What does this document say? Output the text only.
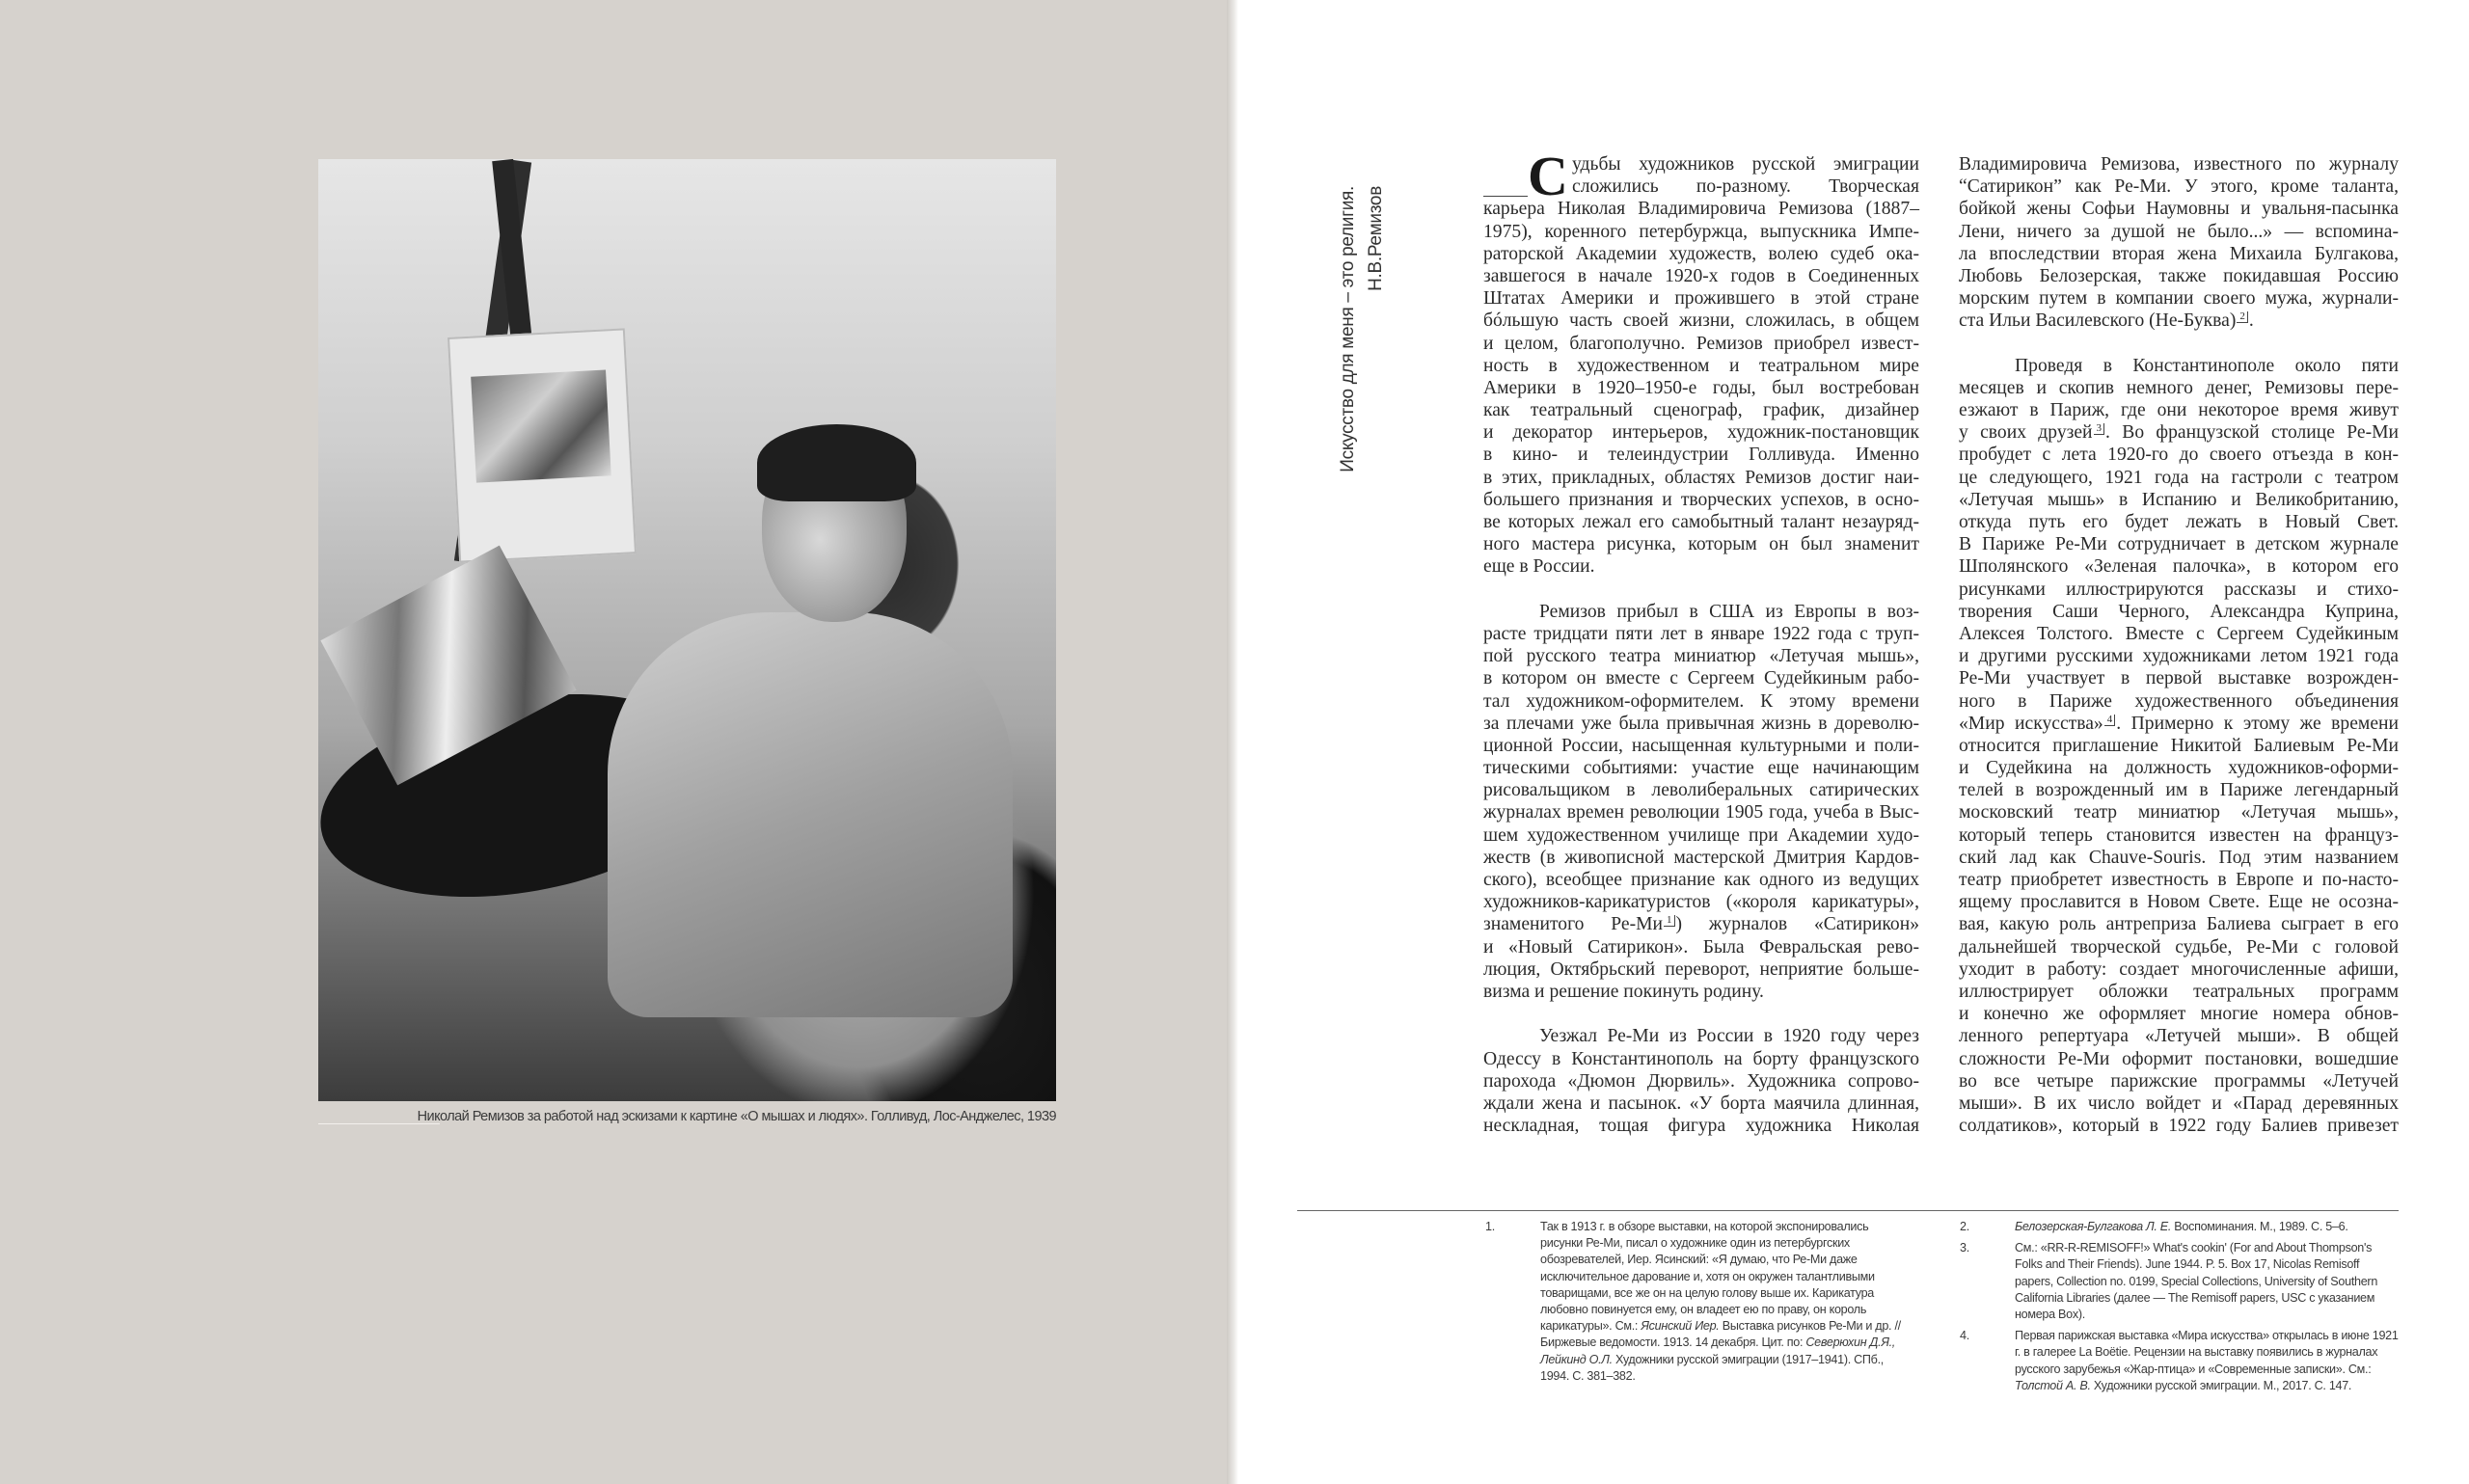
Николай Ремизов за работой над эскизами к картине «О мышах и людях». Голливуд, Лос-Анджелес, 1939
Искусство для меня – это религия. Н.В.Ремизов
С удьбы художников русской эмиграции
сложились по-разному. Творческая
карьера Николая Владимировича Ремизова (1887–
1975), коренного петербуржца, выпускника Импе-
раторской Академии художеств, волею судеб ока-
завшегося в начале 1920-х годов в Соединенных
Штатах Америки и прожившего в этой стране
бóльшую часть своей жизни, сложилась, в общем
и целом, благополучно. Ремизов приобрел извест-
ность в художественном и театральном мире
Америки в 1920–1950-е годы, был востребован
как театральный сценограф, график, дизайнер
и декоратор интерьеров, художник-постановщик
в кино- и телеиндустрии Голливуда. Именно
в этих, прикладных, областях Ремизов достиг наи-
большего признания и творческих успехов, в осно-
ве которых лежал его самобытный талант незауряд-
ного мастера рисунка, которым он был знаменит
еще в России.
Ремизов прибыл в США из Европы в воз-
расте тридцати пяти лет в январе 1922 года с труп-
пой русского театра миниатюр «Летучая мышь»,
в котором он вместе с Сергеем Судейкиным рабо-
тал художником-оформителем. К этому времени
за плечами уже была привычная жизнь в дореволю-
ционной России, насыщенная культурными и поли-
тическими событиями: участие еще начинающим
рисовальщиком в леволиберальных сатирических
журналах времен революции 1905 года, учеба в Выс-
шем художественном училище при Академии худо-
жеств (в живописной мастерской Дмитрия Кардов-
ского), всеобщее признание как одного из ведущих
художников-карикатуристов («короля карикатуры»,
знаменитого Ре-Ми 1 ) журналов «Сатирикон»
и «Новый Сатирикон». Была Февральская рево-
люция, Октябрьский переворот, неприятие больше-
визма и решение покинуть родину.
Уезжал Ре-Ми из России в 1920 году через
Одессу в Константинополь на борту французского
парохода «Дюмон Дюрвиль». Художника сопрово-
ждали жена и пасынок. «У борта маячила длинная,
нескладная, тощая фигура художника Николая
Владимировича Ремизова, известного по журналу
“Сатирикон” как Ре-Ми. У этого, кроме таланта,
бойкой жены Софьи Наумовны и увальня-пасынка
Лени, ничего за душой не было...» — вспомина-
ла впоследствии вторая жена Михаила Булгакова,
Любовь Белозерская, также покидавшая Россию
морским путем в компании своего мужа, журнали-
ста Ильи Василевского (Не-Буква) 2 .
Проведя в Константинополе около пяти
месяцев и скопив немного денег, Ремизовы пере-
езжают в Париж, где они некоторое время живут
у своих друзей 3 . Во французской столице Ре-Ми
пробудет с лета 1920-го до своего отъезда в кон-
це следующего, 1921 года на гастроли с театром
«Летучая мышь» в Испанию и Великобританию,
откуда путь его будет лежать в Новый Свет.
В Париже Ре-Ми сотрудничает в детском журнале
Шполянского «Зеленая палочка», в котором его
рисунками иллюстрируются рассказы и стихо-
творения Саши Черного, Александра Куприна,
Алексея Толстого. Вместе с Сергеем Судейкиным
и другими русскими художниками летом 1921 года
Ре-Ми участвует в первой выставке возрожден-
ного в Париже художественного объединения
«Мир искусства» 4 . Примерно к этому же времени
относится приглашение Никитой Балиевым Ре-Ми
и Судейкина на должность художников-оформи-
телей в возрожденный им в Париже легендарный
московский театр миниатюр «Летучая мышь»,
который теперь становится известен на француз-
ский лад как Chauve-Souris. Под этим названием
театр приобретет известность в Европе и по-насто-
ящему прославится в Новом Свете. Еще не осозна-
вая, какую роль антреприза Балиева сыграет в его
дальнейшей творческой судьбе, Ре-Ми с головой
уходит в работу: создает многочисленные афиши,
иллюстрирует обложки театральных программ
и конечно же оформляет многие номера обнов-
ленного репертуара «Летучей мыши». В общей
сложности Ре-Ми оформит постановки, вошедшие
во все четыре парижские программы «Летучей
мыши». В их число войдет и «Парад деревянных
солдатиков», который в 1922 году Балиев привезет
1.	Так в 1913 г. в обзоре выставки, на которой экспонировались рисунки Ре-Ми, писал о художнике один из петербургских обозревателей, Иер. Ясинский: «Я думаю, что Ре-Ми даже исключительное дарование и, хотя он окружен талантливыми товарищами, все же он на целую голову выше их. Карикатура любовно повинуется ему, он владеет ею по праву, он король карикатуры». См.: Ясинский Иер. Выставка рисунков Ре-Ми и др. // Биржевые ведомости. 1913. 14 декабря. Цит. по: Северюхин Д.Я., Лейкинд О.Л. Художники русской эмиграции (1917–1941). СПб., 1994. С. 381–382.
2.	Белозерская-Булгакова Л. Е. Воспоминания. М., 1989. С. 5–6.
3.	См.: «RR-R-REMISOFF!» What's cookin' (For and About Thompson's Folks and Their Friends). June 1944. P. 5. Box 17, Nicolas Remisoff papers, Collection no. 0199, Special Collections, University of Southern California Libraries (далее — The Remisoff papers, USC с указанием номера Box).
4.	Первая парижская выставка «Мира искусства» открылась в июне 1921 г. в галерее La Boëtie. Рецензии на выставку появились в журналах русского зарубежья «Жар-птица» и «Современные записки». См.: Толстой А. В. Художники русской эмиграции. М., 2017. С. 147.
